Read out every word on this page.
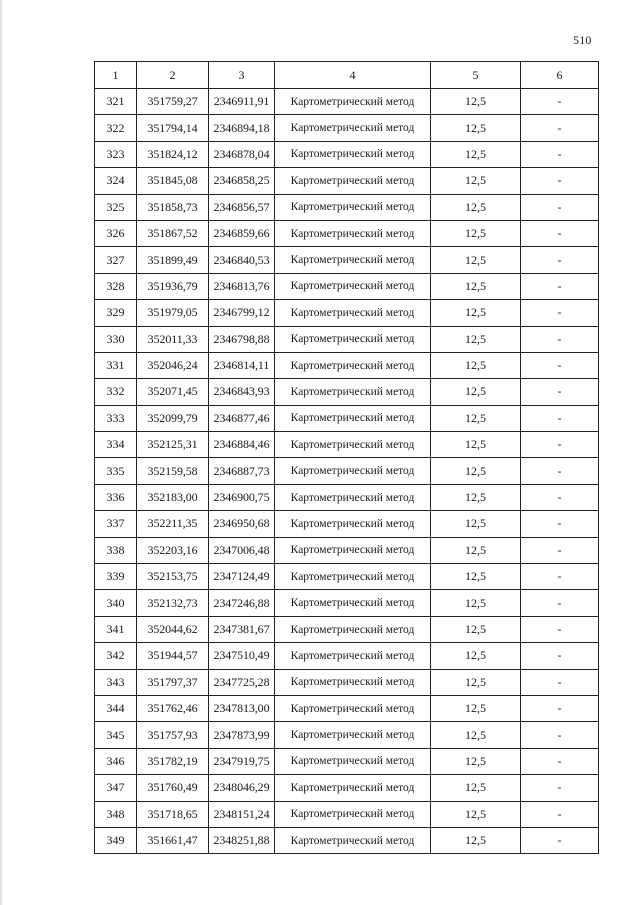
510
1	2	3	4	5	6
321	351759,27	2346911,91	Картометрический метод	12,5	-
322	351794,14	2346894,18	Картометрический метод	12,5	-
323	351824,12	2346878,04	Картометрический метод	12,5	-
324	351845,08	2346858,25	Картометрический метод	12,5	-
325	351858,73	2346856,57	Картометрический метод	12,5	-
326	351867,52	2346859,66	Картометрический метод	12,5	-
327	351899,49	2346840,53	Картометрический метод	12,5	-
328	351936,79	2346813,76	Картометрический метод	12,5	-
329	351979,05	2346799,12	Картометрический метод	12,5	-
330	352011,33	2346798,88	Картометрический метод	12,5	-
331	352046,24	2346814,11	Картометрический метод	12,5	-
332	352071,45	2346843,93	Картометрический метод	12,5	-
333	352099,79	2346877,46	Картометрический метод	12,5	-
334	352125,31	2346884,46	Картометрический метод	12,5	-
335	352159,58	2346887,73	Картометрический метод	12,5	-
336	352183,00	2346900,75	Картометрический метод	12,5	-
337	352211,35	2346950,68	Картометрический метод	12,5	-
338	352203,16	2347006,48	Картометрический метод	12,5	-
339	352153,75	2347124,49	Картометрический метод	12,5	-
340	352132,73	2347246,88	Картометрический метод	12,5	-
341	352044,62	2347381,67	Картометрический метод	12,5	-
342	351944,57	2347510,49	Картометрический метод	12,5	-
343	351797,37	2347725,28	Картометрический метод	12,5	-
344	351762,46	2347813,00	Картометрический метод	12,5	-
345	351757,93	2347873,99	Картометрический метод	12,5	-
346	351782,19	2347919,75	Картометрический метод	12,5	-
347	351760,49	2348046,29	Картометрический метод	12,5	-
348	351718,65	2348151,24	Картометрический метод	12,5	-
349	351661,47	2348251,88	Картометрический метод	12,5	-
